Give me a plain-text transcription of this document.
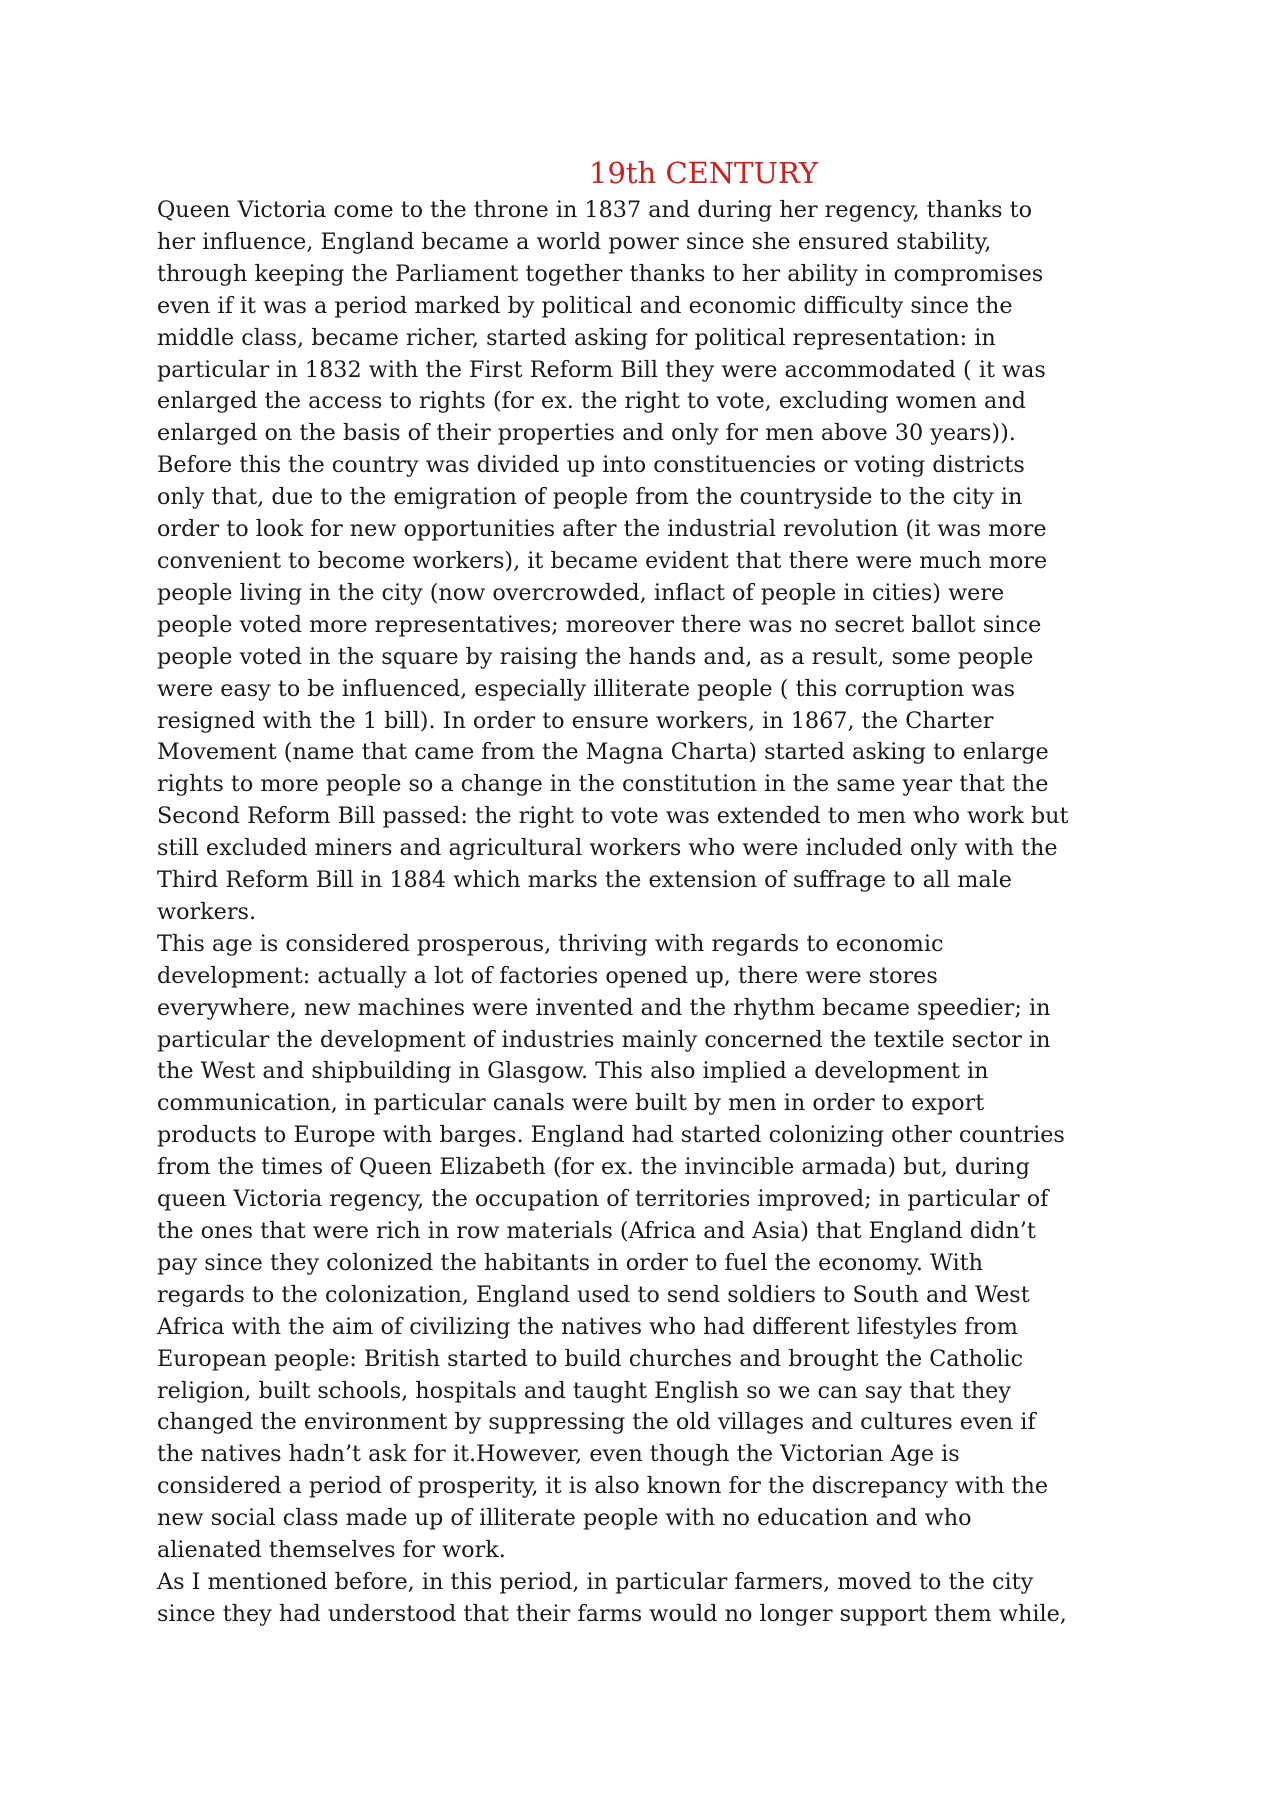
19th CENTURY
Queen Victoria come to the throne in 1837 and during her regency, thanks to
her influence, England became a world power since she ensured stability,
through keeping the Parliament together thanks to her ability in compromises
even if it was a period marked by political and economic difficulty since the
middle class, became richer, started asking for political representation: in
particular in 1832 with the First Reform Bill they were accommodated ( it was
enlarged the access to rights (for ex. the right to vote, excluding women and
enlarged on the basis of their properties and only for men above 30 years)).
Before this the country was divided up into constituencies or voting districts
only that, due to the emigration of people from the countryside to the city in
order to look for new opportunities after the industrial revolution (it was more
convenient to become workers), it became evident that there were much more
people living in the city (now overcrowded, inflact of people in cities) were
people voted more representatives; moreover there was no secret ballot since
people voted in the square by raising the hands and, as a result, some people
were easy to be influenced, especially illiterate people ( this corruption was
resigned with the 1 bill). In order to ensure workers, in 1867, the Charter
Movement (name that came from the Magna Charta) started asking to enlarge
rights to more people so a change in the constitution in the same year that the
Second Reform Bill passed: the right to vote was extended to men who work but
still excluded miners and agricultural workers who were included only with the
Third Reform Bill in 1884 which marks the extension of suffrage to all male
workers.
This age is considered prosperous, thriving with regards to economic
development: actually a lot of factories opened up, there were stores
everywhere, new machines were invented and the rhythm became speedier; in
particular the development of industries mainly concerned the textile sector in
the West and shipbuilding in Glasgow. This also implied a development in
communication, in particular canals were built by men in order to export
products to Europe with barges. England had started colonizing other countries
from the times of Queen Elizabeth (for ex. the invincible armada) but, during
queen Victoria regency, the occupation of territories improved; in particular of
the ones that were rich in row materials (Africa and Asia) that England didn’t
pay since they colonized the habitants in order to fuel the economy. With
regards to the colonization, England used to send soldiers to South and West
Africa with the aim of civilizing the natives who had different lifestyles from
European people: British started to build churches and brought the Catholic
religion, built schools, hospitals and taught English so we can say that they
changed the environment by suppressing the old villages and cultures even if
the natives hadn’t ask for it.However, even though the Victorian Age is
considered a period of prosperity, it is also known for the discrepancy with the
new social class made up of illiterate people with no education and who
alienated themselves for work.
As I mentioned before, in this period, in particular farmers, moved to the city
since they had understood that their farms would no longer support them while,
